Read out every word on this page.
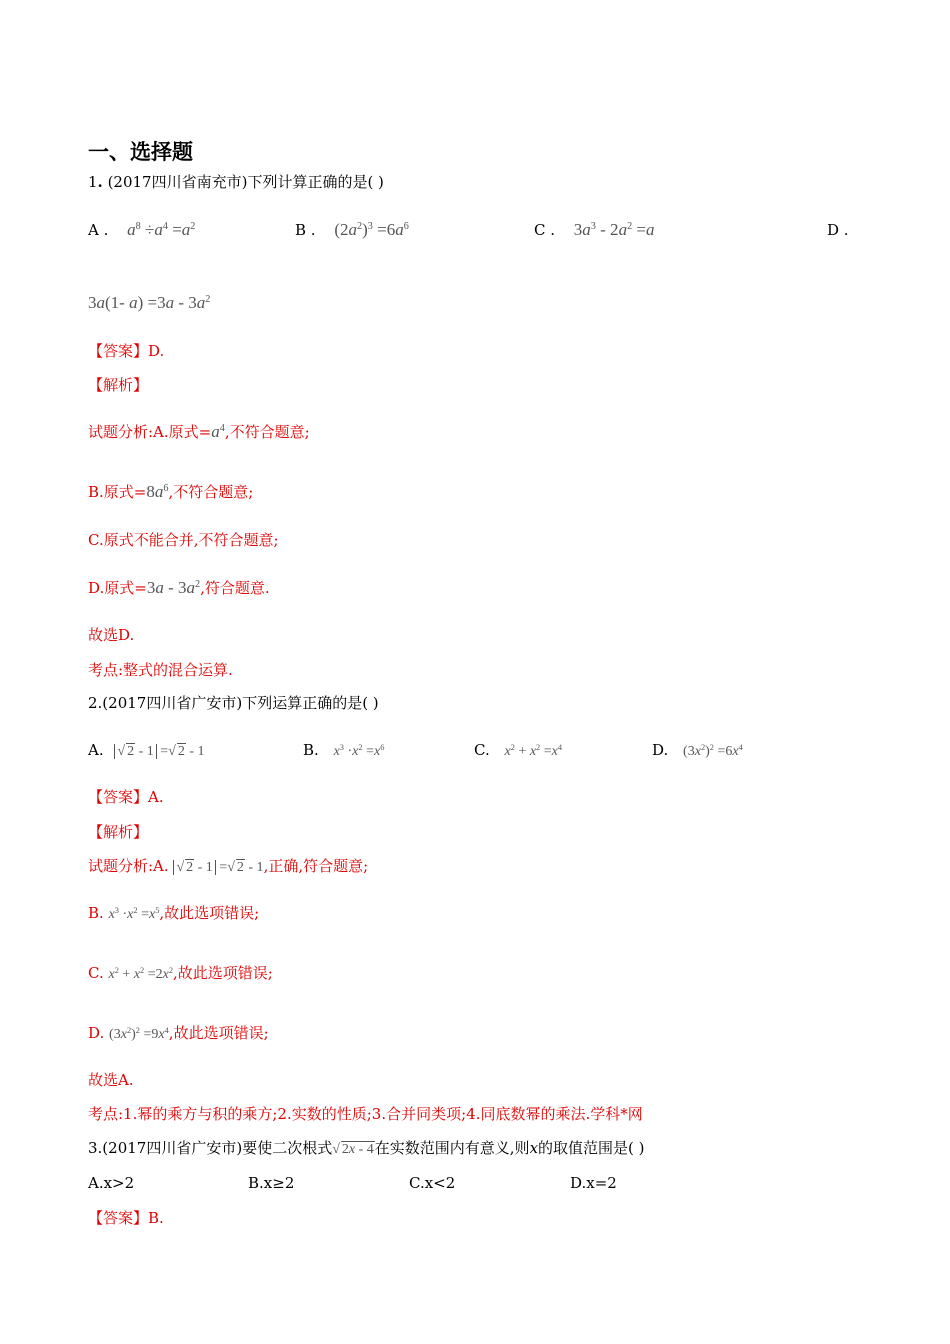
一、选择题
1. (2017四川省南充市)下列计算正确的是( )
A . $a^8 \div a^4 =a^2$	B . $(2a^2)^3 =6a^6$	C . $3a^3 - 2a^2 =a$	D .
3a(1- $a) =3a - 3a^2$
【答案】D.
【解析】
试题分析:A.原式$=a^4$,不符合题意;
B.原式$=8a^6$,不符合题意;
C.原式不能合并,不符合题意;
D.原式$=3a - 3a^2$,符合题意.
故选D.
考点:整式的混合运算.
2.(2017四川省广安市)下列运算正确的是( )
A. √ 2 - 1 =√ 2 - 1	B. $x^3 \cdot x^2 =x^6$	C. $x^2 + x^2 =x^4$	D. $(3x^2)^2 =6x^4$
【答案】A.
【解析】
试题分析:A. √ 2 - 1 =√ 2 - 1,正确,符合题意;
B. $x^3 \cdot x^2 =x^5$,故此选项错误;
C. $x^2 + x^2 =2x^2$,故此选项错误;
D. $(3x^2)^2 =9x^4$,故此选项错误;
故选A.
考点:1.幂的乘方与积的乘方;2.实数的性质;3.合并同类项;4.同底数幂的乘法.学科*网
3.(2017四川省广安市)要使二次根式√ 2x - 4在实数范围内有意义,则x的取值范围是( )
A.x>2	B.x≥2	C.x<2	D.x=2
【答案】B.
